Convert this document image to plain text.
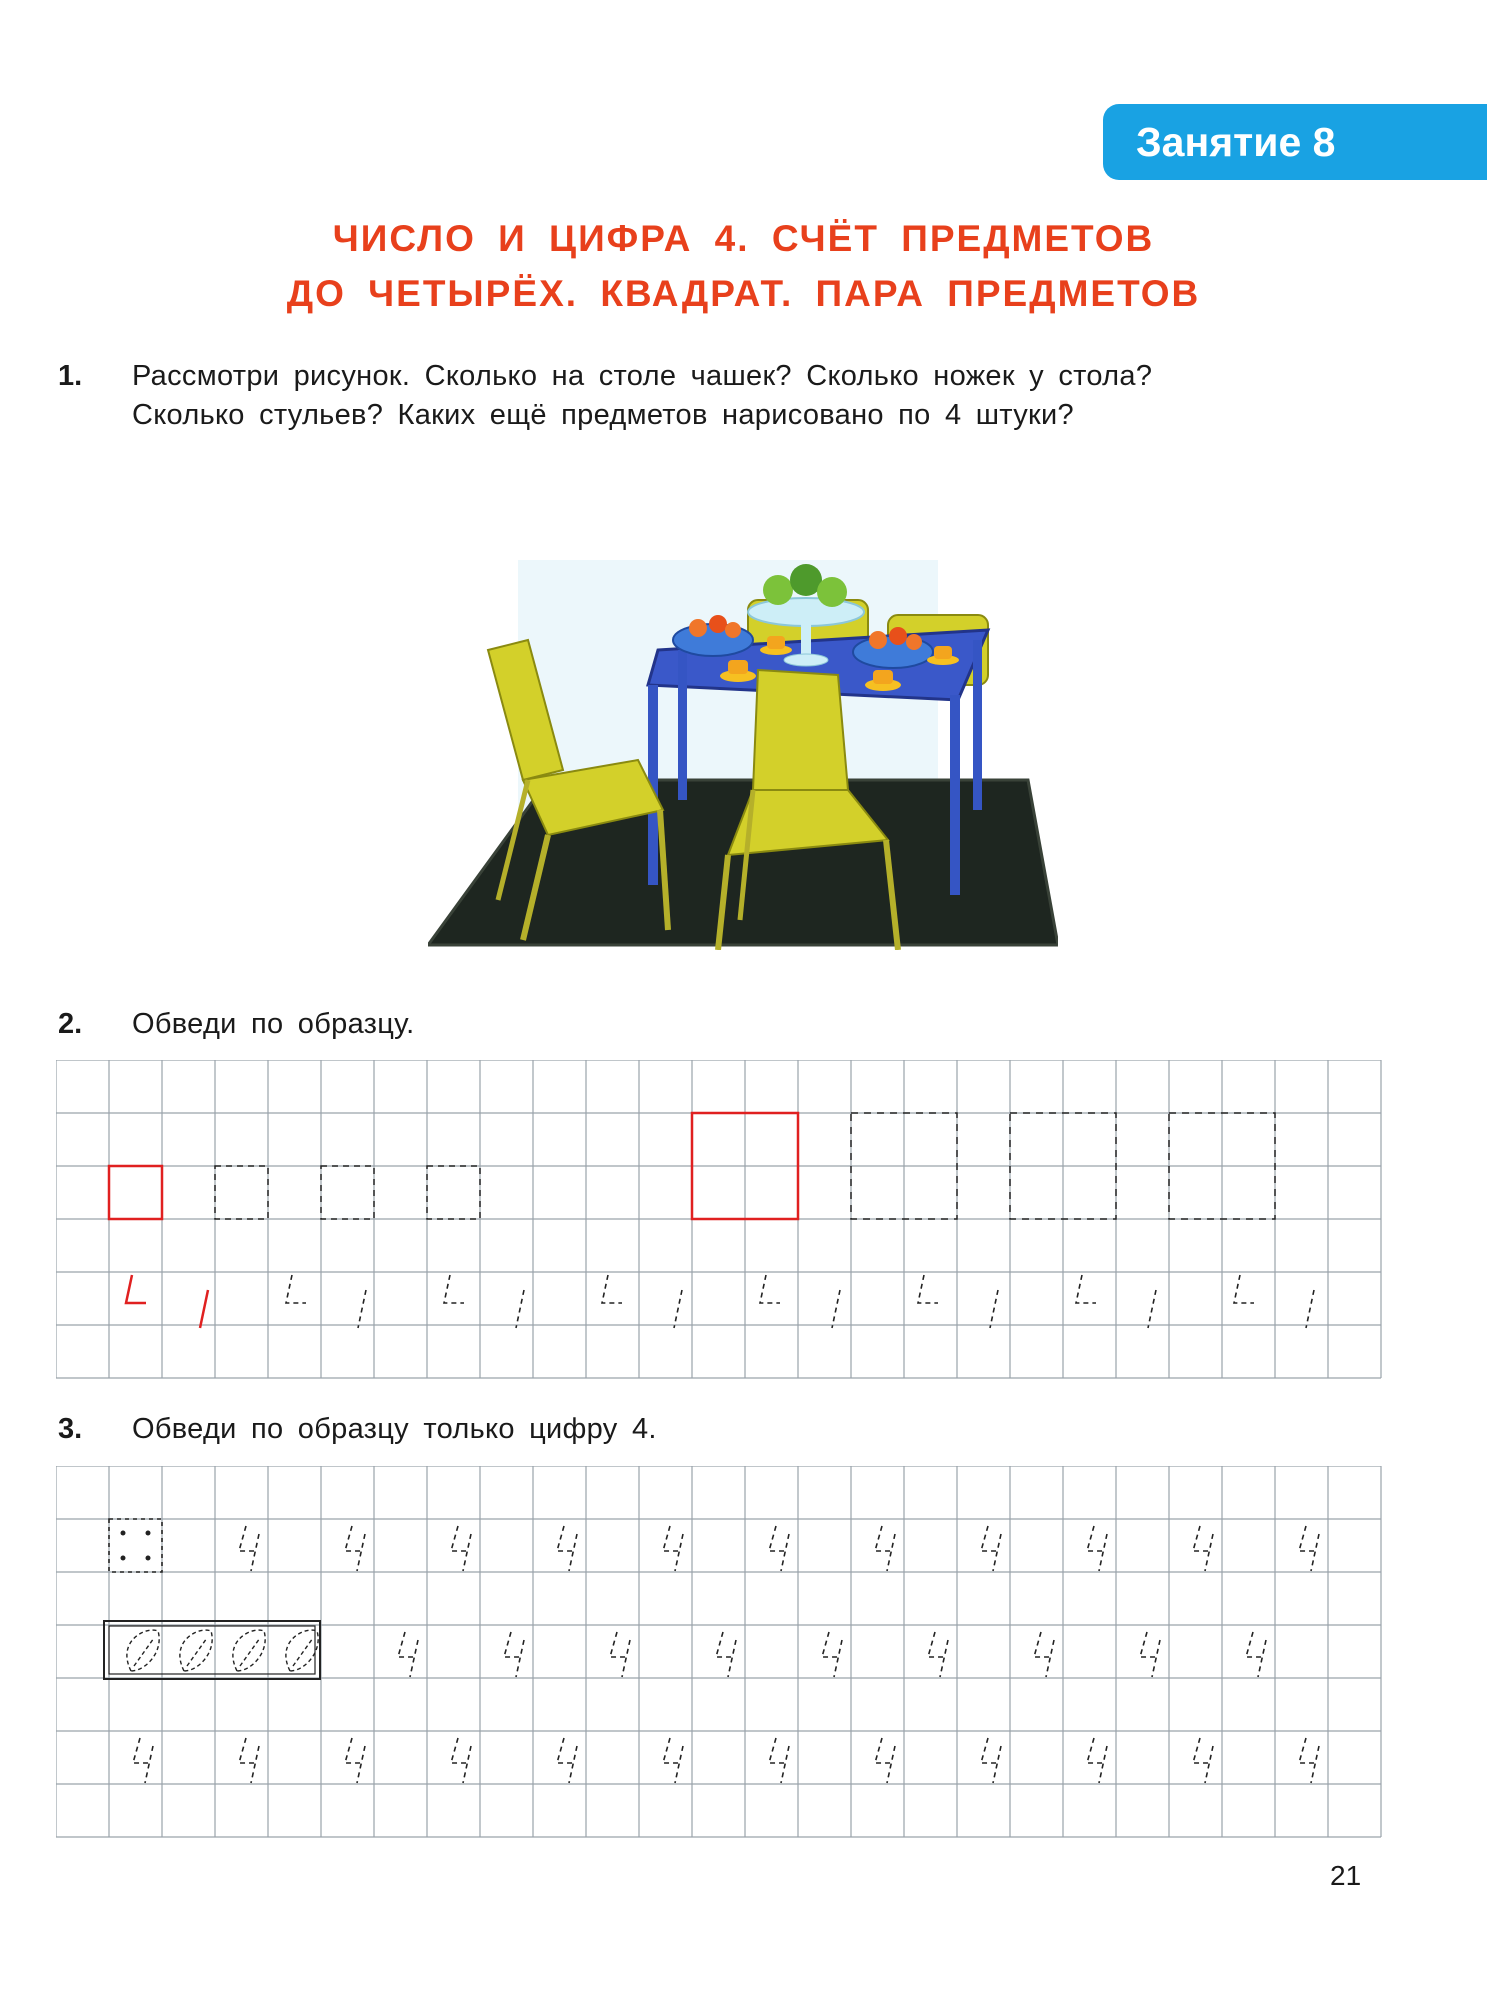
Занятие 8
ЧИСЛО И ЦИФРА 4. СЧЁТ ПРЕДМЕТОВ
ДО ЧЕТЫРЁХ. КВАДРАТ. ПАРА ПРЕДМЕТОВ
1. Рассмотри рисунок. Сколько на столе чашек? Сколько ножек у стола?
Сколько стульев? Каких ещё предметов нарисовано по 4 штуки?
2. Обведи по образцу.
3. Обведи по образцу только цифру 4.
21
